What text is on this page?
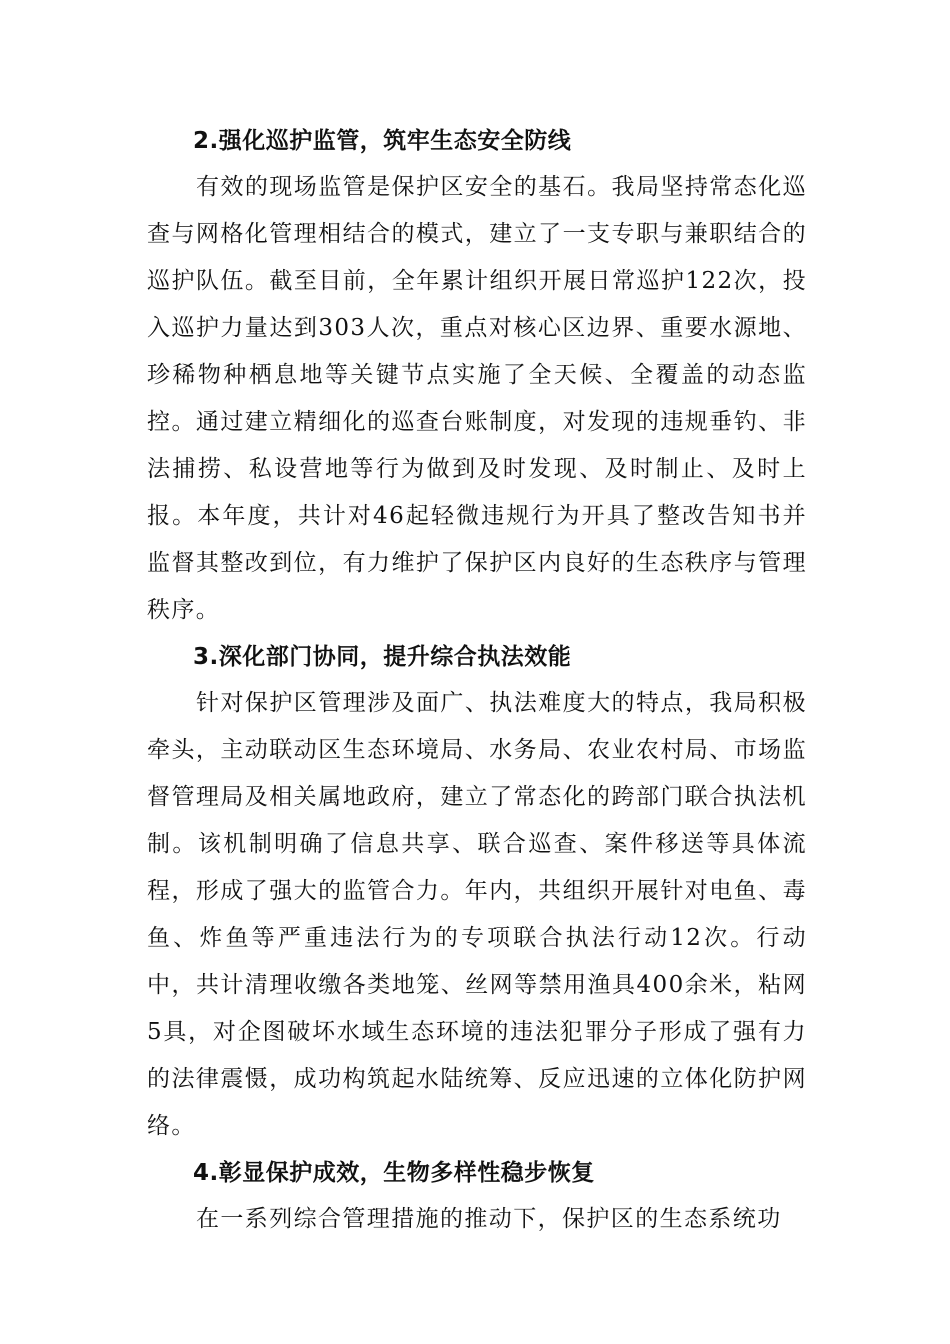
2.强化巡护监管，筑牢生态安全防线

有效的现场监管是保护区安全的基石。我局坚持常态化巡查与网格化管理相结合的模式，建立了一支专职与兼职结合的巡护队伍。截至目前，全年累计组织开展日常巡护122次，投入巡护力量达到303人次，重点对核心区边界、重要水源地、珍稀物种栖息地等关键节点实施了全天候、全覆盖的动态监控。通过建立精细化的巡查台账制度，对发现的违规垂钓、非法捕捞、私设营地等行为做到及时发现、及时制止、及时上报。本年度，共计对46起轻微违规行为开具了整改告知书并监督其整改到位，有力维护了保护区内良好的生态秩序与管理秩序。

3.深化部门协同，提升综合执法效能

针对保护区管理涉及面广、执法难度大的特点，我局积极牵头，主动联动区生态环境局、水务局、农业农村局、市场监督管理局及相关属地政府，建立了常态化的跨部门联合执法机制。该机制明确了信息共享、联合巡查、案件移送等具体流程，形成了强大的监管合力。年内，共组织开展针对电鱼、毒鱼、炸鱼等严重违法行为的专项联合执法行动12次。行动中，共计清理收缴各类地笼、丝网等禁用渔具400余米，粘网5具，对企图破坏水域生态环境的违法犯罪分子形成了强有力的法律震慑，成功构筑起水陆统筹、反应迅速的立体化防护网络。

4.彰显保护成效，生物多样性稳步恢复

在一系列综合管理措施的推动下，保护区的生态系统功
